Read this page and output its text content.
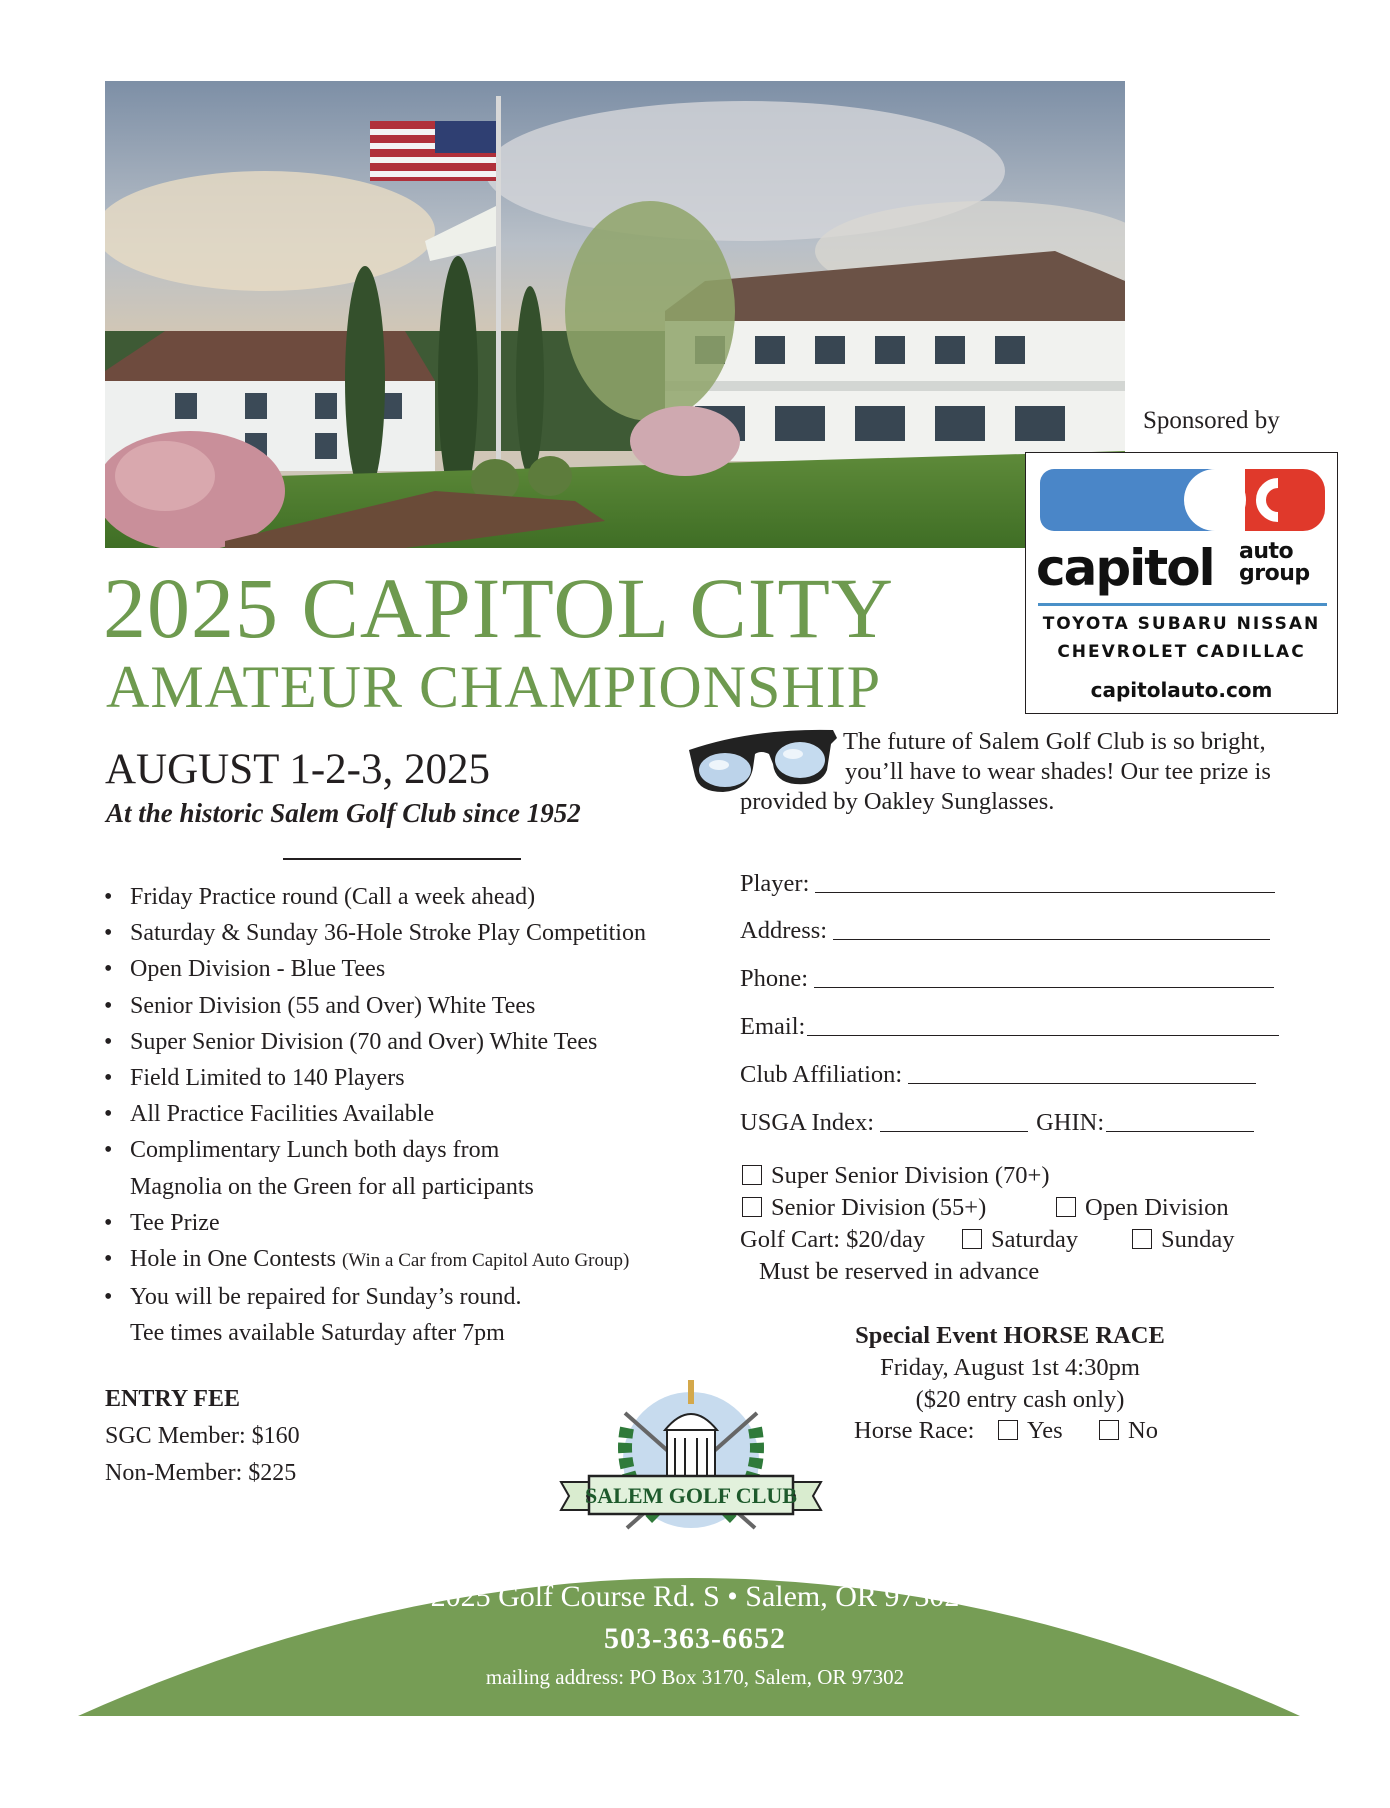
Sponsored by
capitol auto
group
TOYOTA SUBARU NISSAN
CHEVROLET CADILLAC
capitolauto.com
2025 CAPITOL CITY
AMATEUR CHAMPIONSHIP
AUGUST 1-2-3, 2025
At the historic Salem Golf Club since 1952
• Friday Practice round (Call a week ahead)
• Saturday & Sunday 36-Hole Stroke Play Competition
• Open Division - Blue Tees
• Senior Division (55 and Over) White Tees
• Super Senior Division (70 and Over) White Tees
• Field Limited to 140 Players
• All Practice Facilities Available
• Complimentary Lunch both days from
Magnolia on the Green for all participants
• Tee Prize
• Hole in One Contests (Win a Car from Capitol Auto Group)
• You will be repaired for Sunday’s round.
Tee times available Saturday after 7pm
ENTRY FEE
SGC Member: $160
Non-Member: $225
The future of Salem Golf Club is so bright,
you’ll have to wear shades! Our tee prize is
provided by Oakley Sunglasses.
Player:
Address:
Phone:
Email:
Club Affiliation:
USGA Index:	GHIN:
Super Senior Division (70+)
Senior Division (55+)	Open Division
Golf Cart: $20/day	Saturday	Sunday
Must be reserved in advance
Special Event HORSE RACE
Friday, August 1st 4:30pm
($20 entry cash only)
Horse Race:	Yes	No
SALEM GOLF CLUB
2025 Golf Course Rd. S • Salem, OR 97302
503-363-6652
mailing address: PO Box 3170, Salem, OR 97302
